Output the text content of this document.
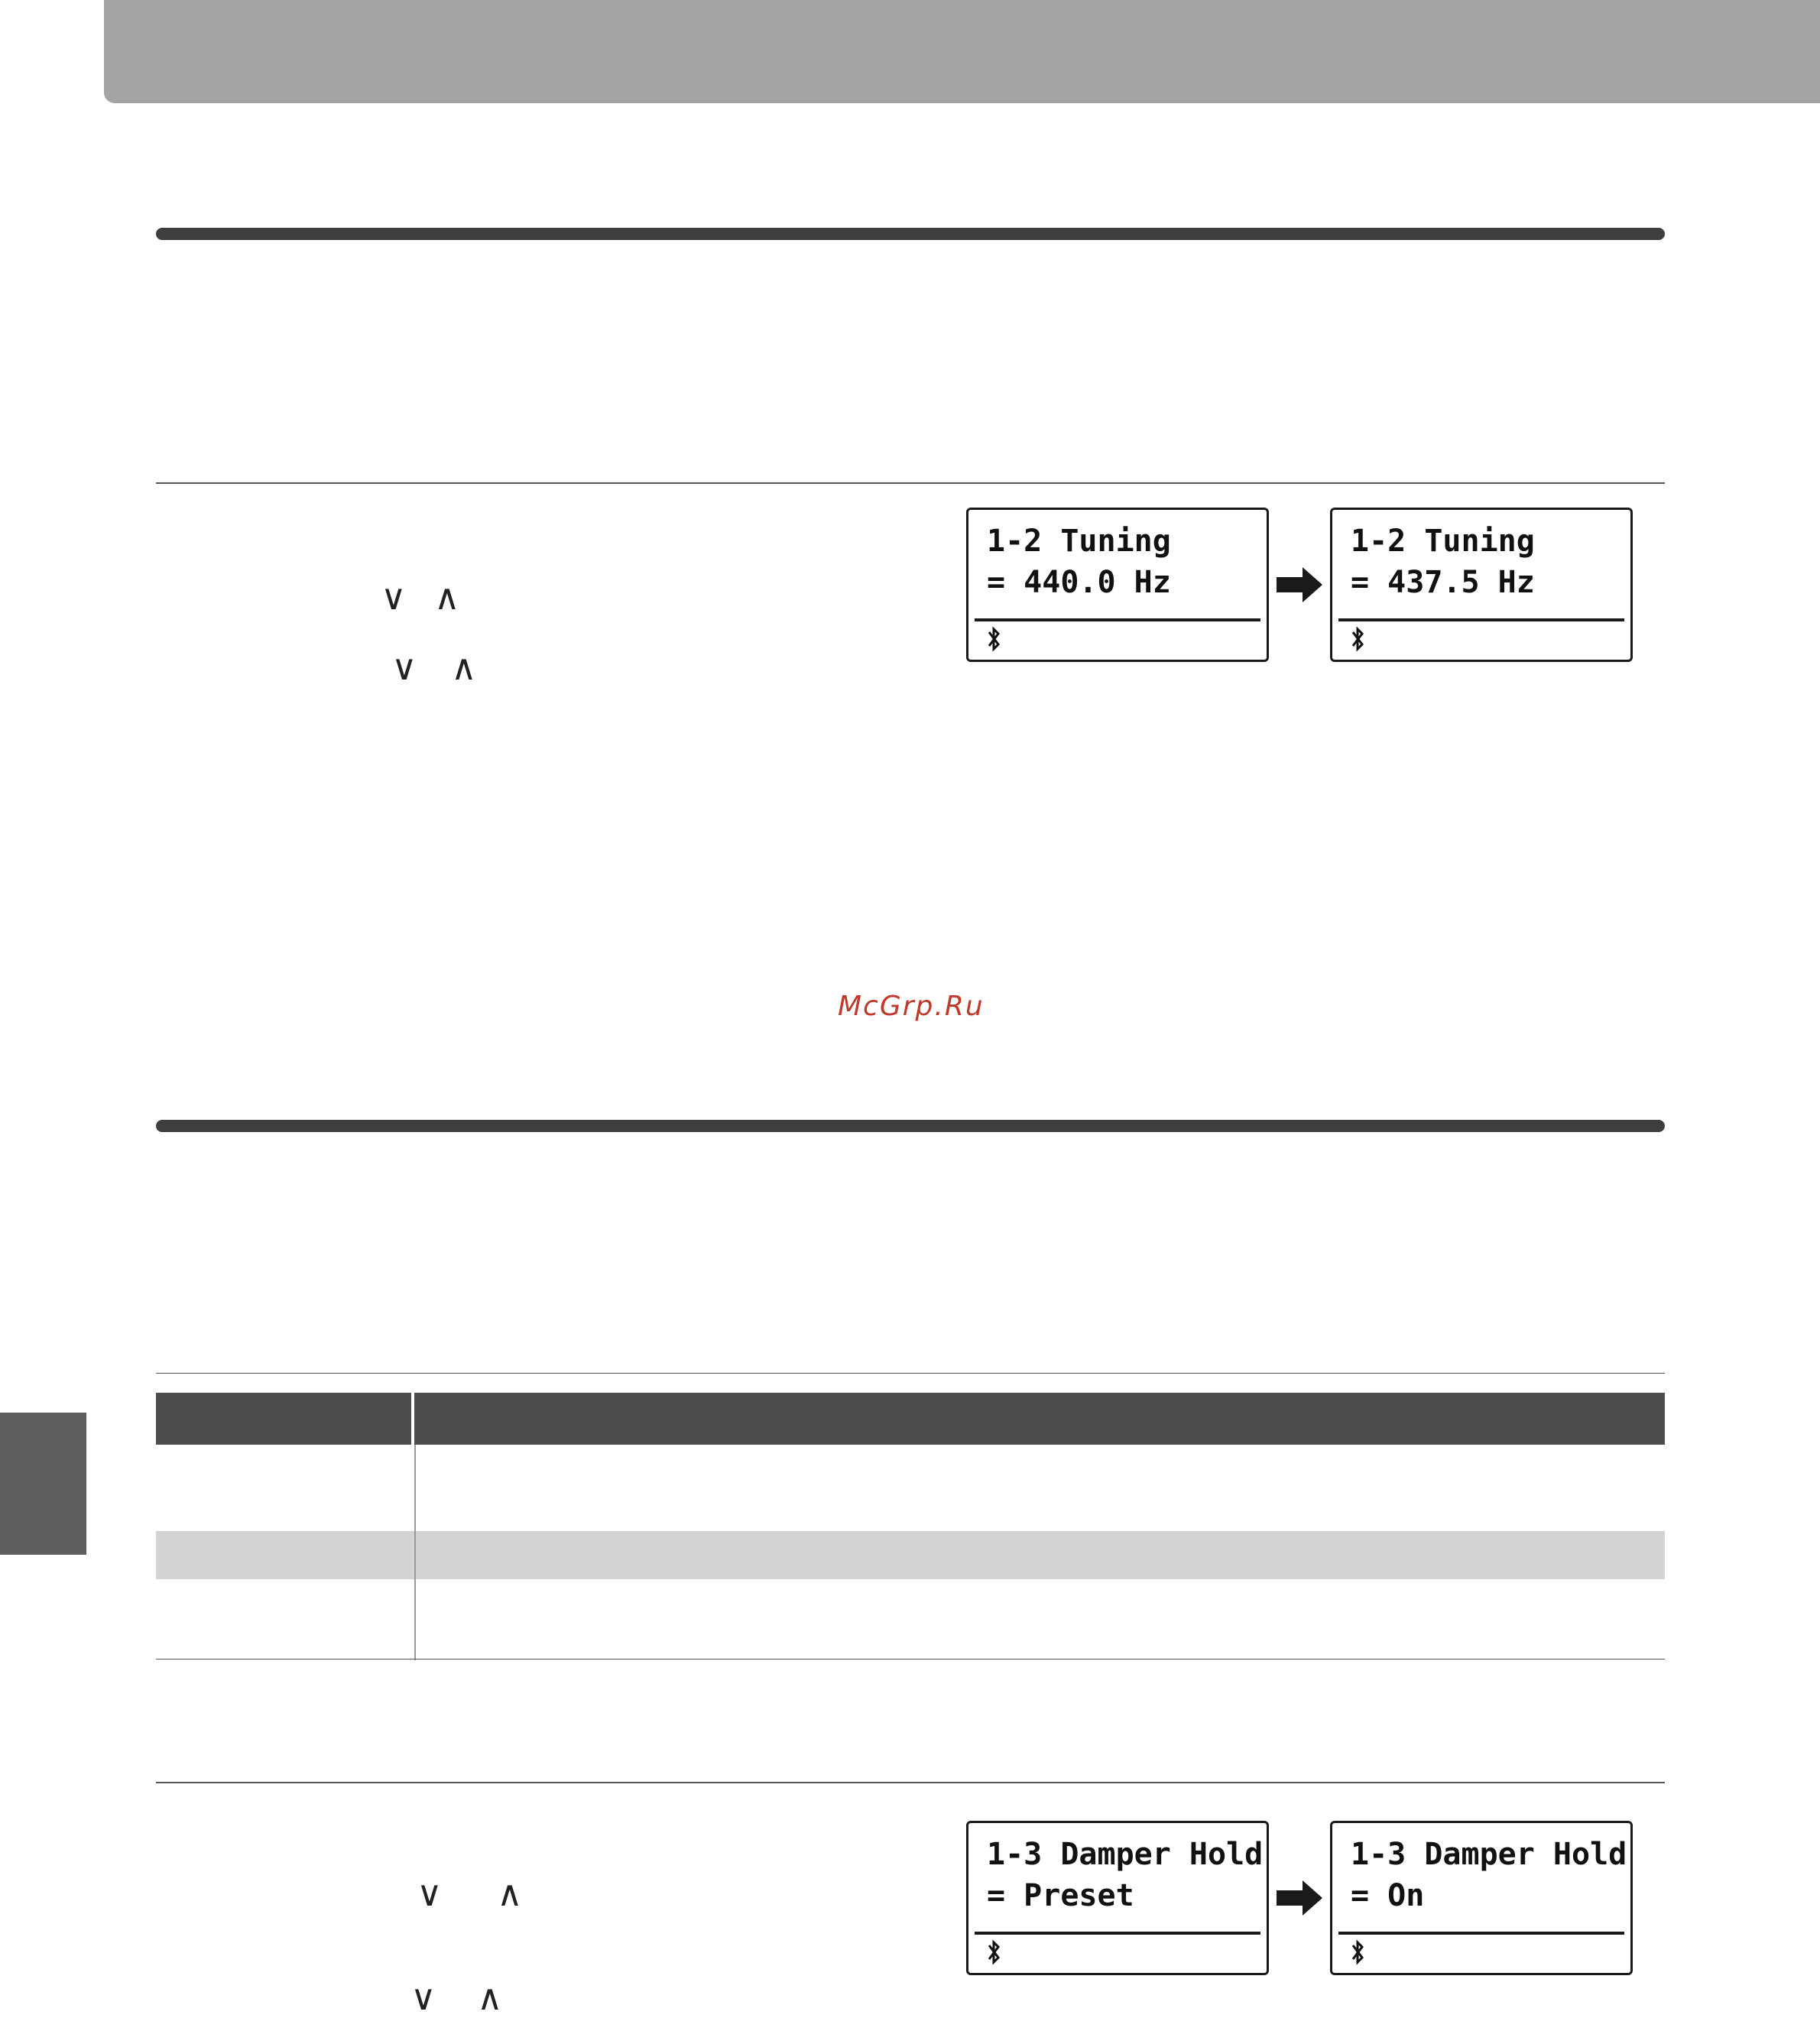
∨ ∧
∨ ∧
1-2 Tuning
= 440.0 Hz
1-2 Tuning
= 437.5 Hz
McGrp.Ru
∨ ∧
∨ ∧
1-3 Damper Hold
= Preset
1-3 Damper Hold
= On
